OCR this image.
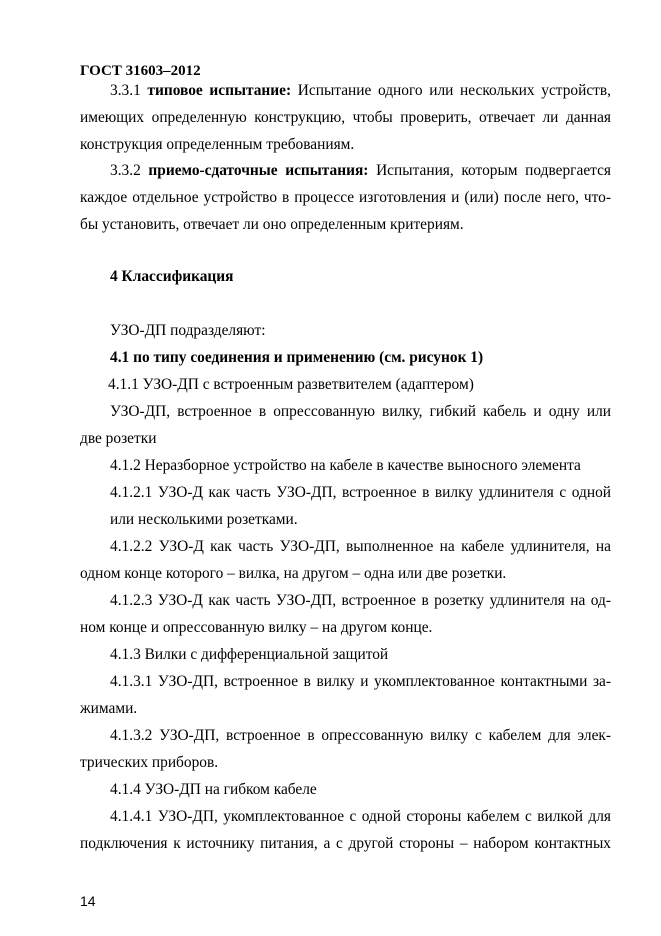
ГОСТ 31603–2012
3.3.1 типовое испытание: Испытание одного или нескольких устройств,
имеющих определенную конструкцию, чтобы проверить, отвечает ли данная
конструкция определенным требованиям.
3.3.2 приемо-сдаточные испытания: Испытания, которым подвергается
каждое отдельное устройство в процессе изготовления и (или) после него, что-
бы установить, отвечает ли оно определенным критериям.
4 Классификация
УЗО-ДП подразделяют:
4.1 по типу соединения и применению (см. рисунок 1)
4.1.1 УЗО-ДП с встроенным разветвителем (адаптером)
УЗО-ДП, встроенное в опрессованную вилку, гибкий кабель и одну или
две розетки
4.1.2 Неразборное устройство на кабеле в качестве выносного элемента
4.1.2.1 УЗО-Д как часть УЗО-ДП, встроенное в вилку удлинителя с одной
или несколькими розетками.
4.1.2.2 УЗО-Д как часть УЗО-ДП, выполненное на кабеле удлинителя, на
одном конце которого – вилка, на другом – одна или две розетки.
4.1.2.3 УЗО-Д как часть УЗО-ДП, встроенное в розетку удлинителя на од-
ном конце и опрессованную вилку – на другом конце.
4.1.3 Вилки с дифференциальной защитой
4.1.3.1 УЗО-ДП, встроенное в вилку и укомплектованное контактными за-
жимами.
4.1.3.2 УЗО-ДП, встроенное в опрессованную вилку с кабелем для элек-
трических приборов.
4.1.4 УЗО-ДП на гибком кабеле
4.1.4.1 УЗО-ДП, укомплектованное с одной стороны кабелем с вилкой для
подключения к источнику питания, а с другой стороны – набором контактных
14
